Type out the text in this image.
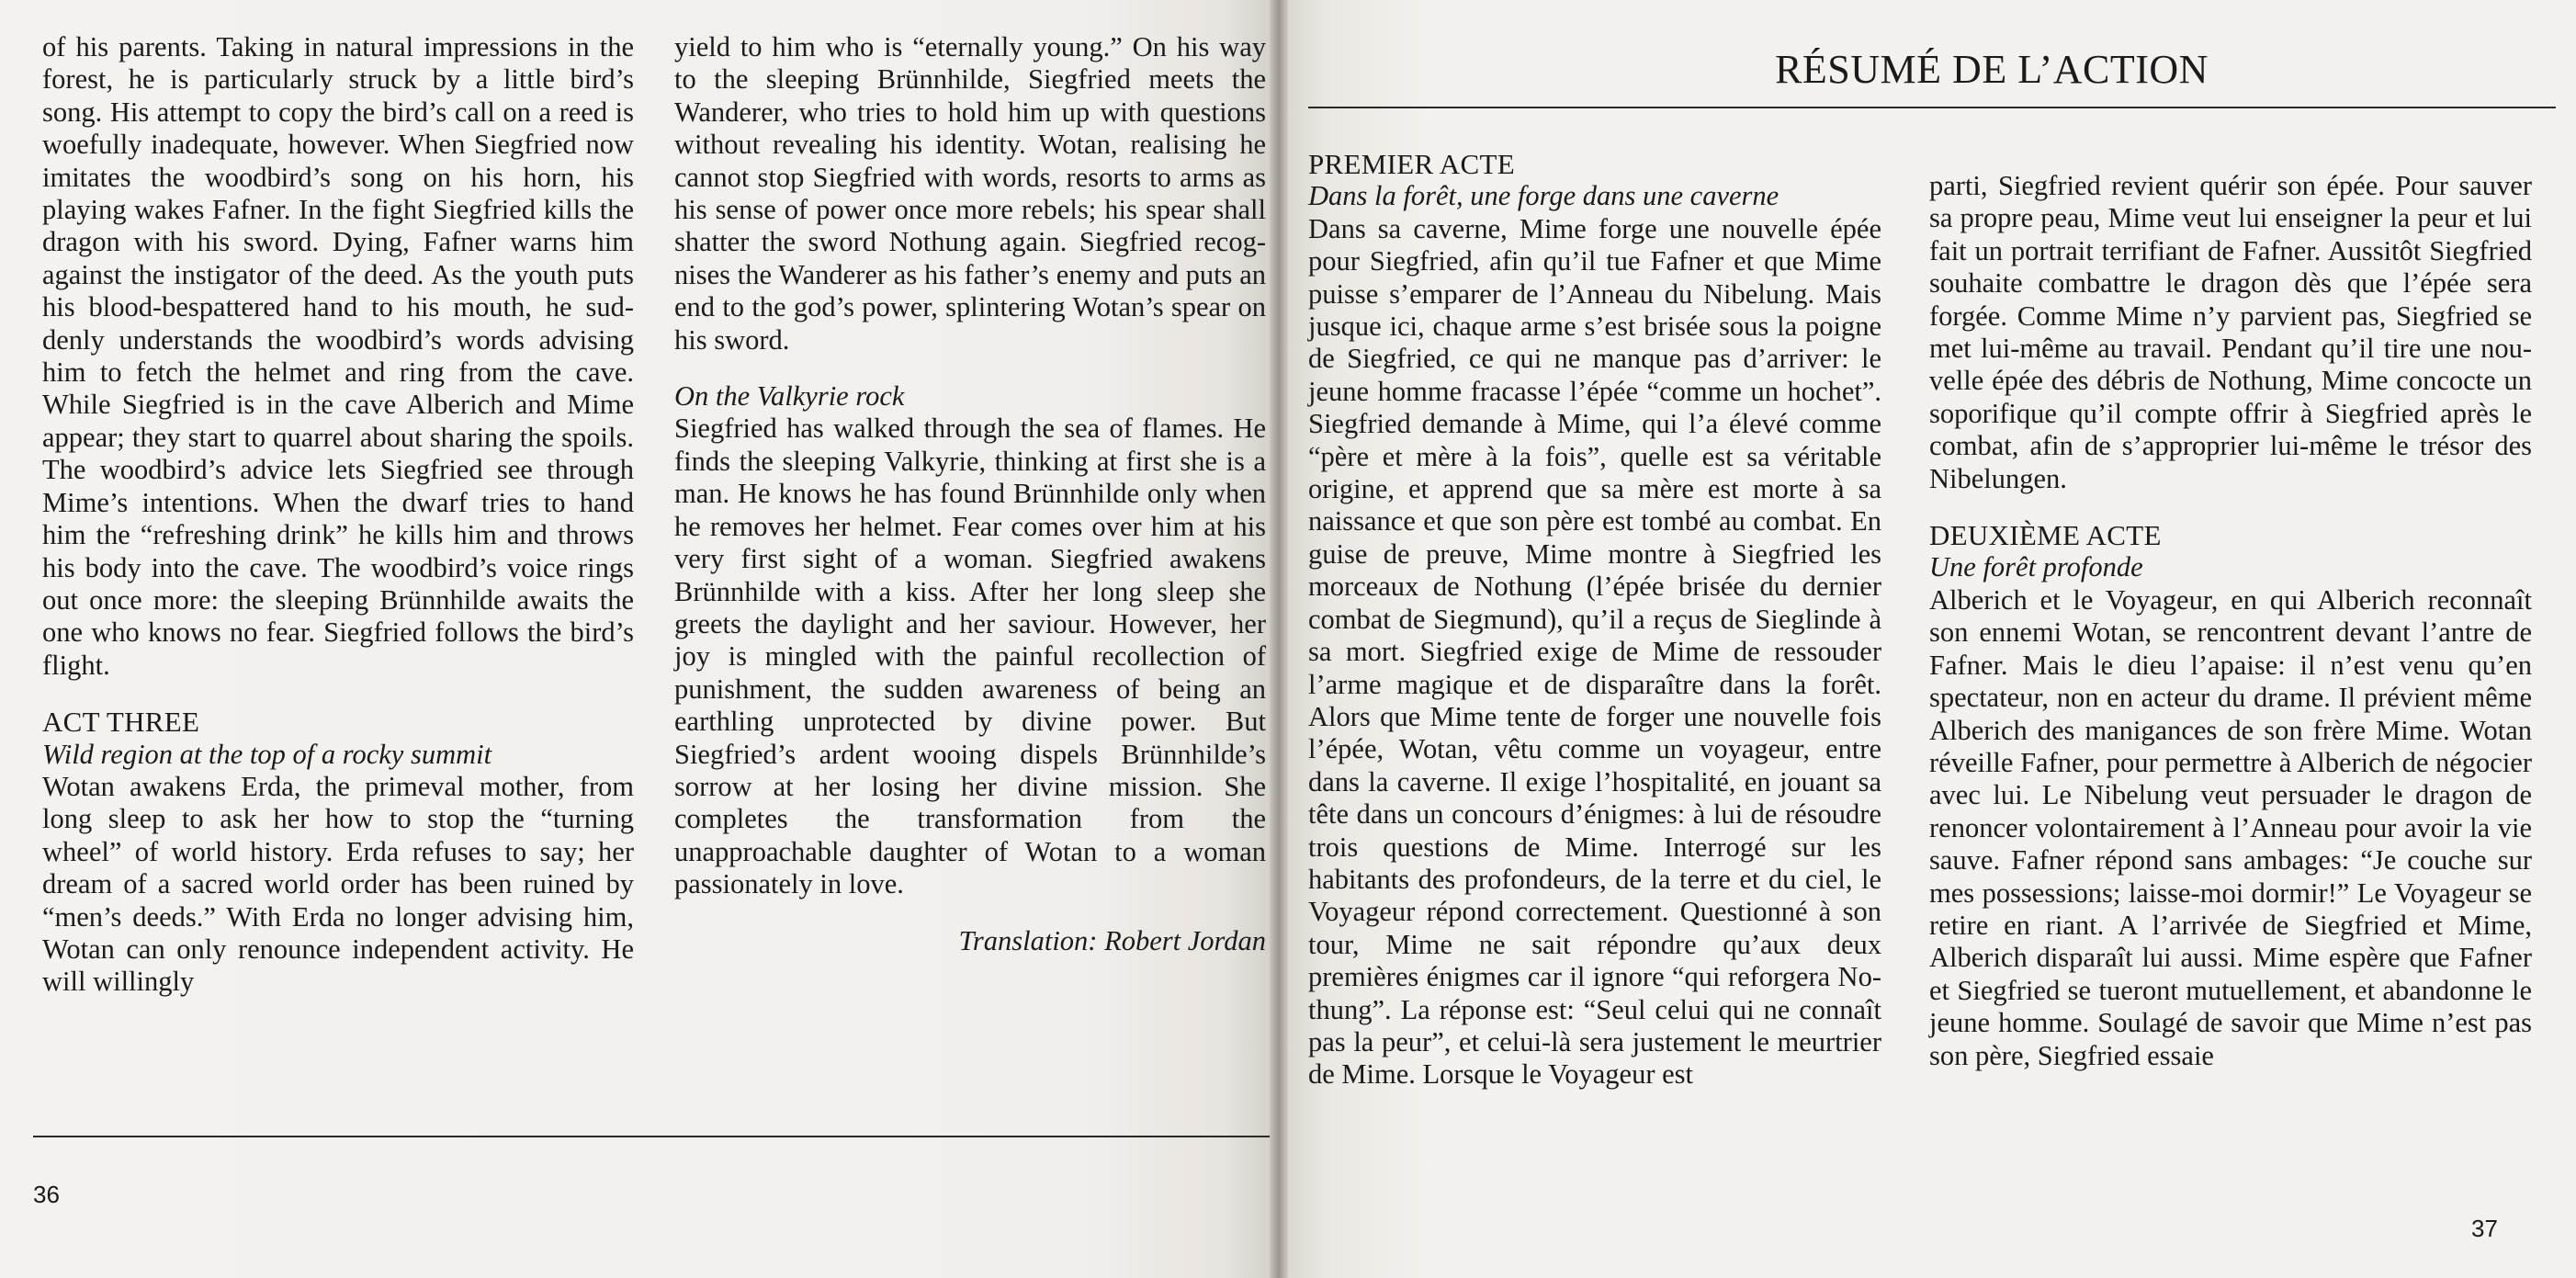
of his parents. Taking in natural impressions in the forest, he is particularly struck by a little bird’s song. His attempt to copy the bird’s call on a reed is woefully inadequate, however. When Siegfried now imitates the woodbird’s song on his horn, his playing wakes Fafner. In the fight Siegfried kills the dragon with his sword. Dying, Fafner warns him against the instigator of the deed. As the youth puts his blood-bespattered hand to his mouth, he suddenly understands the woodbird’s words advising him to fetch the helmet and ring from the cave. While Siegfried is in the cave Alberich and Mime appear; they start to quarrel about sharing the spoils. The woodbird’s advice lets Siegfried see through Mime’s intentions. When the dwarf tries to hand him the “refreshing drink” he kills him and throws his body into the cave. The woodbird’s voice rings out once more: the sleeping Brünnhilde awaits the one who knows no fear. Siegfried follows the bird’s flight.

ACT THREE

Wild region at the top of a rocky summit

Wotan awakens Erda, the primeval mother, from long sleep to ask her how to stop the “turning wheel” of world history. Erda refuses to say; her dream of a sacred world order has been ruined by “men’s deeds.” With Erda no longer advising him, Wotan can only renounce independent activity. He will willingly

yield to him who is “eternally young.” On his way to the sleeping Brünnhilde, Siegfried meets the Wanderer, who tries to hold him up with questions without revealing his identity. Wotan, realising he cannot stop Siegfried with words, resorts to arms as his sense of power once more rebels; his spear shall shatter the sword Nothung again. Siegfried recognises the Wanderer as his father’s enemy and puts an end to the god’s power, splintering Wotan’s spear on his sword.

On the Valkyrie rock

Siegfried has walked through the sea of flames. He finds the sleeping Valkyrie, thinking at first she is a man. He knows he has found Brünnhilde only when he removes her helmet. Fear comes over him at his very first sight of a woman. Siegfried awakens Brünnhilde with a kiss. After her long sleep she greets the daylight and her saviour. However, her joy is mingled with the painful recollection of punishment, the sudden awareness of being an earthling unprotected by divine power. But Siegfried’s ardent wooing dispels Brünnhilde’s sorrow at her losing her divine mission. She completes the transformation from the unapproachable daughter of Wotan to a woman passionately in love.

Translation: Robert Jordan

36
RÉSUMÉ DE L’ACTION

PREMIER ACTE

Dans la forêt, une forge dans une caverne

Dans sa caverne, Mime forge une nouvelle épée pour Siegfried, afin qu’il tue Fafner et que Mime puisse s’emparer de l’Anneau du Nibelung. Mais jusque ici, chaque arme s’est brisée sous la poigne de Siegfried, ce qui ne manque pas d’arriver: le jeune homme fracasse l’épée “comme un hochet”. Siegfried demande à Mime, qui l’a élevé comme “père et mère à la fois”, quelle est sa véritable origine, et apprend que sa mère est morte à sa naissance et que son père est tombé au combat. En guise de preuve, Mime montre à Siegfried les morceaux de Nothung (l’épée brisée du dernier combat de Siegmund), qu’il a reçus de Sieglinde à sa mort. Siegfried exige de Mime de ressouder l’arme magique et de disparaître dans la forêt. Alors que Mime tente de forger une nouvelle fois l’épée, Wotan, vêtu comme un voyageur, entre dans la caverne. Il exige l’hospitalité, en jouant sa tête dans un concours d’énigmes: à lui de résoudre trois questions de Mime. Interrogé sur les habitants des profondeurs, de la terre et du ciel, le Voyageur répond correctement. Questionné à son tour, Mime ne sait répondre qu’aux deux premières énigmes car il ignore “qui reforgera Nothung”. La réponse est: “Seul celui qui ne connaît pas la peur”, et celui-là sera justement le meurtrier de Mime. Lorsque le Voyageur est

parti, Siegfried revient quérir son épée. Pour sauver sa propre peau, Mime veut lui enseigner la peur et lui fait un portrait terrifiant de Fafner. Aussitôt Siegfried souhaite combattre le dragon dès que l’épée sera forgée. Comme Mime n’y parvient pas, Siegfried se met lui-même au travail. Pendant qu’il tire une nouvelle épée des débris de Nothung, Mime concocte un soporifique qu’il compte offrir à Siegfried après le combat, afin de s’approprier lui-même le trésor des Nibelungen.

DEUXIÈME ACTE

Une forêt profonde

Alberich et le Voyageur, en qui Alberich reconnaît son ennemi Wotan, se rencontrent devant l’antre de Fafner. Mais le dieu l’apaise: il n’est venu qu’en spectateur, non en acteur du drame. Il prévient même Alberich des manigances de son frère Mime. Wotan réveille Fafner, pour permettre à Alberich de négocier avec lui. Le Nibelung veut persuader le dragon de renoncer volontairement à l’Anneau pour avoir la vie sauve. Fafner répond sans ambages: “Je couche sur mes possessions; laisse-moi dormir!” Le Voyageur se retire en riant. A l’arrivée de Siegfried et Mime, Alberich disparaît lui aussi. Mime espère que Fafner et Siegfried se tueront mutuellement, et abandonne le jeune homme. Soulagé de savoir que Mime n’est pas son père, Siegfried essaie

37
